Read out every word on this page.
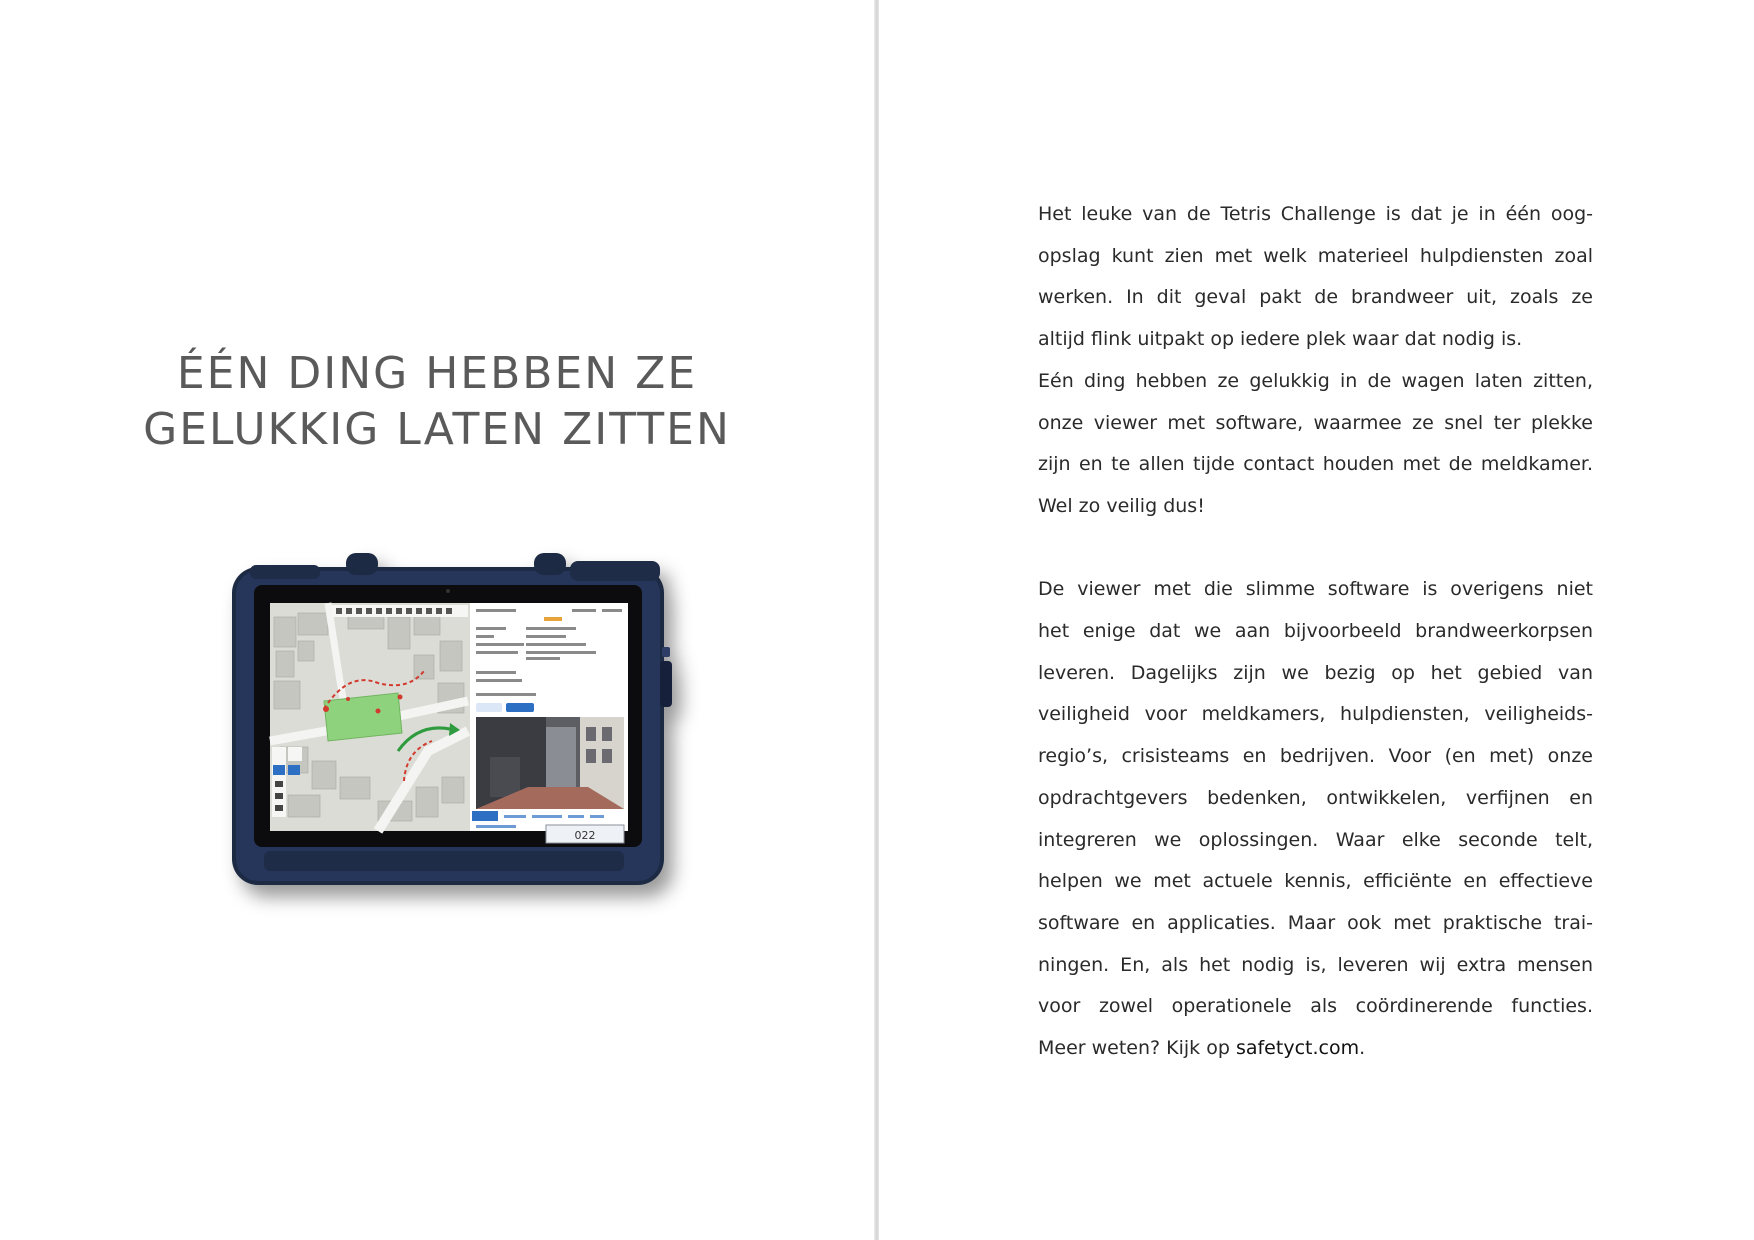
ÉÉN DING HEBBEN ZE
GELUKKIG LATEN ZITTEN
022

Het leuke van de Tetris Challenge is dat je in één oog-

opslag kunt zien met welk materieel hulpdiensten zoal

werken. In dit geval pakt de brandweer uit, zoals ze

altijd flink uitpakt op iedere plek waar dat nodig is.

Eén ding hebben ze gelukkig in de wagen laten zitten,

onze viewer met software, waarmee ze snel ter plekke

zijn en te allen tijde contact houden met de meldkamer.

Wel zo veilig dus!

De viewer met die slimme software is overigens niet

het enige dat we aan bijvoorbeeld brandweerkorpsen

leveren. Dagelijks zijn we bezig op het gebied van

veiligheid voor meldkamers, hulpdiensten, veiligheids-

regio’s, crisisteams en bedrijven. Voor (en met) onze

opdrachtgevers bedenken, ontwikkelen, verfijnen en

integreren we oplossingen. Waar elke seconde telt,

helpen we met actuele kennis, efficiënte en effectieve

software en applicaties. Maar ook met praktische trai-

ningen. En, als het nodig is, leveren wij extra mensen

voor zowel operationele als coördinerende functies.

Meer weten? Kijk op safetyct.com.
